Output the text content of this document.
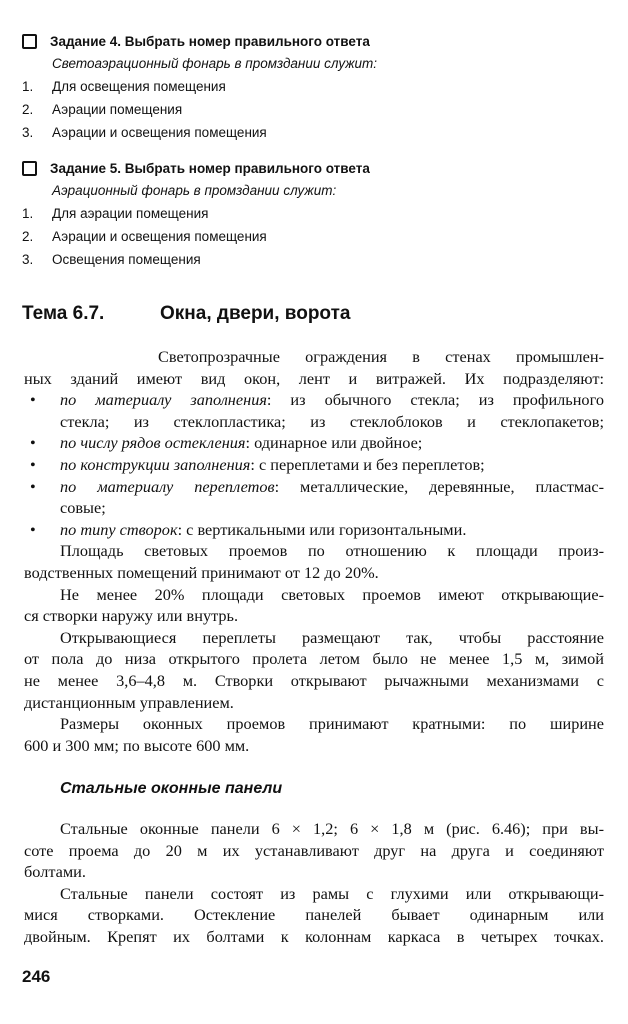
Задание 4. Выбрать номер правильного ответа
Светоаэрационный фонарь в промздании служит:
1.	Для освещения помещения
2.	Аэрации помещения
3.	Аэрации и освещения помещения
Задание 5. Выбрать номер правильного ответа
Аэрационный фонарь в промздании служит:
1.	Для аэрации помещения
2.	Аэрации и освещения помещения
3.	Освещения помещения
Тема 6.7.	Окна, двери, ворота
Светопрозрачные ограждения в стенах промышлен-
ных зданий имеют вид окон, лент и витражей. Их подразделяют:
• по материалу заполнения: из обычного стекла; из профильного
стекла; из стеклопластика; из стеклоблоков и стеклопакетов;
• по числу рядов остекления: одинарное или двойное;
• по конструкции заполнения: с переплетами и без переплетов;
• по материалу переплетов: металлические, деревянные, пластмас-
совые;
• по типу створок: с вертикальными или горизонтальными.
Площадь световых проемов по отношению к площади произ-
водственных помещений принимают от 12 до 20%.
Не менее 20% площади световых проемов имеют открывающие-
ся створки наружу или внутрь.
Открывающиеся переплеты размещают так, чтобы расстояние
от пола до низа открытого пролета летом было не менее 1,5 м, зимой
не менее 3,6–4,8 м. Створки открывают рычажными механизмами с
дистанционным управлением.
Размеры оконных проемов принимают кратными: по ширине
600 и 300 мм; по высоте 600 мм.
Стальные оконные панели
Стальные оконные панели 6 × 1,2; 6 × 1,8 м (рис. 6.46); при вы-
соте проема до 20 м их устанавливают друг на друга и соединяют
болтами.
Стальные панели состоят из рамы с глухими или открывающи-
мися створками. Остекление панелей бывает одинарным или
двойным. Крепят их болтами к колоннам каркаса в четырех точках.
246
